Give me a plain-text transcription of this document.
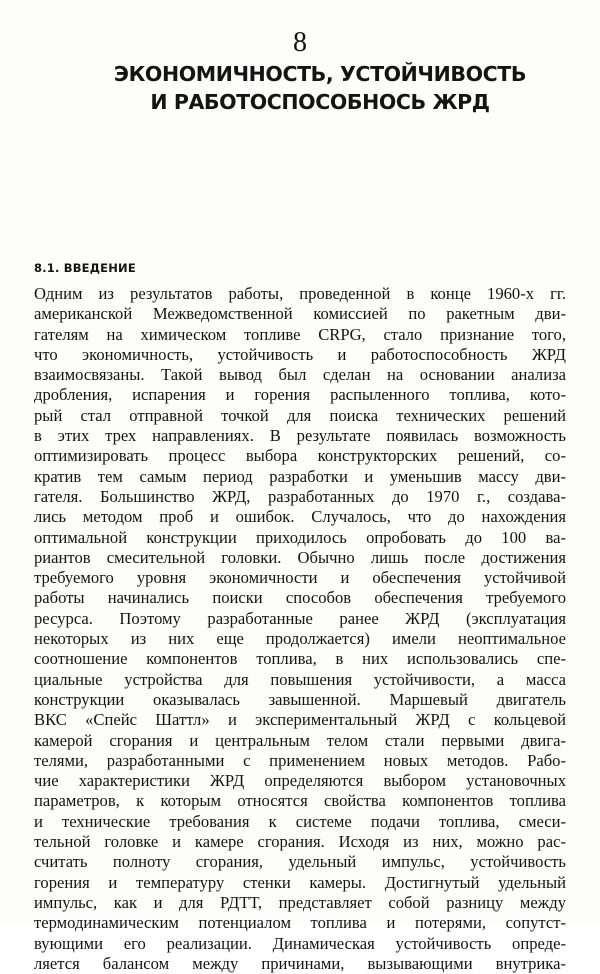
8
ЭКОНОМИЧНОСТЬ, УСТОЙЧИВОСТЬ
И РАБОТОСПОСОБНОСЬ ЖРД
8.1. ВВЕДЕНИЕ
Одним из результатов работы, проведенной в конце 1960-х гг.
американской Межведомственной комиссией по ракетным дви-
гателям на химическом топливе CRPG, стало признание того,
что экономичность, устойчивость и работоспособность ЖРД
взаимосвязаны. Такой вывод был сделан на основании анализа
дробления, испарения и горения распыленного топлива, кото-
рый стал отправной точкой для поиска технических решений
в этих трех направлениях. В результате появилась возможность
оптимизировать процесс выбора конструкторских решений, со-
кратив тем самым период разработки и уменьшив массу дви-
гателя. Большинство ЖРД, разработанных до 1970 г., создава-
лись методом проб и ошибок. Случалось, что до нахождения
оптимальной конструкции приходилось опробовать до 100 ва-
риантов смесительной головки. Обычно лишь после достижения
требуемого уровня экономичности и обеспечения устойчивой
работы начинались поиски способов обеспечения требуемого
ресурса. Поэтому разработанные ранее ЖРД (эксплуатация
некоторых из них еще продолжается) имели неоптимальное
соотношение компонентов топлива, в них использовались спе-
циальные устройства для повышения устойчивости, а масса
конструкции оказывалась завышенной. Маршевый двигатель
ВКС «Спейс Шаттл» и экспериментальный ЖРД с кольцевой
камерой сгорания и центральным телом стали первыми двига-
телями, разработанными с применением новых методов. Рабо-
чие характеристики ЖРД определяются выбором установочных
параметров, к которым относятся свойства компонентов топлива
и технические требования к системе подачи топлива, смеси-
тельной головке и камере сгорания. Исходя из них, можно рас-
считать полноту сгорания, удельный импульс, устойчивость
горения и температуру стенки камеры. Достигнутый удельный
импульс, как и для РДТТ, представляет собой разницу между
термодинамическим потенциалом топлива и потерями, сопутст-
вующими его реализации. Динамическая устойчивость опреде-
ляется балансом между причинами, вызывающими внутрика-
